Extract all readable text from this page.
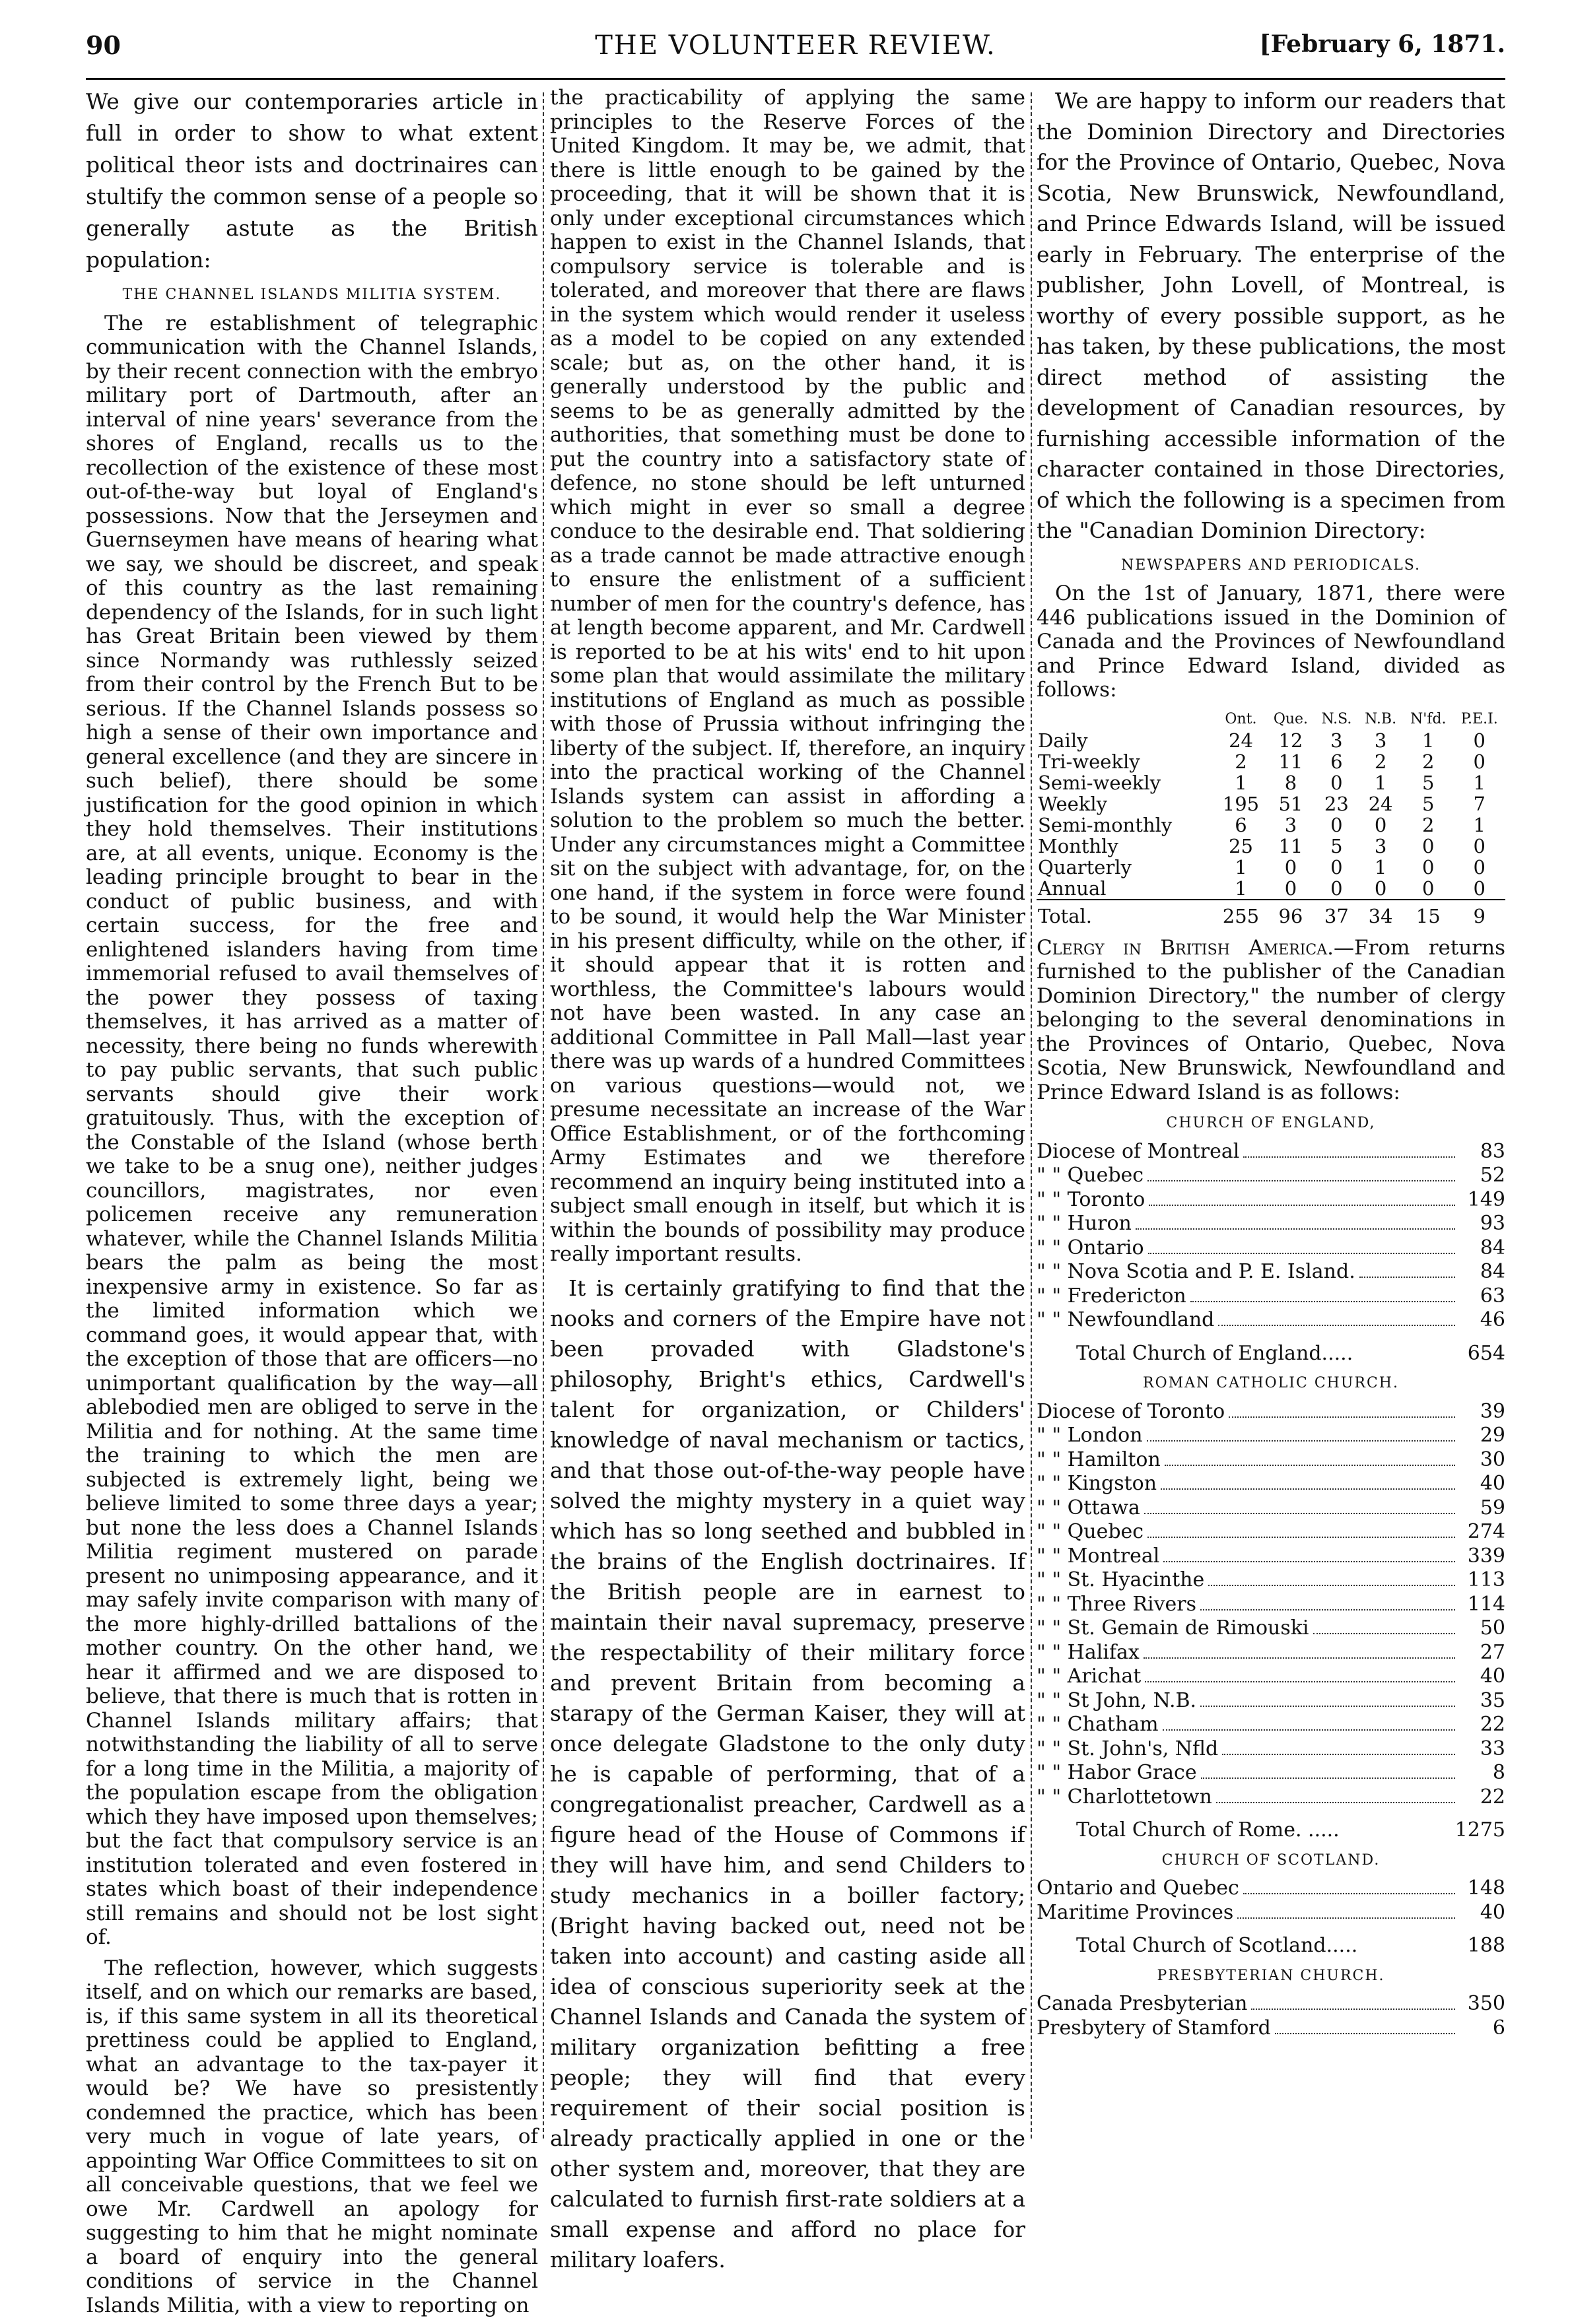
90	THE VOLUNTEER REVIEW.	[February 6, 1871.

We give our contemporaries article in full in order to show to what extent political theor ists and doctrinaires can stultify the common sense of a people so generally astute as the British population:

THE CHANNEL ISLANDS MILITIA SYSTEM.

The re establishment of telegraphic communication with the Channel Islands, by their recent connection with the embryo military port of Dartmouth, after an interval of nine years' severance from the shores of England, recalls us to the recollection of the existence of these most out-of-the-way but loyal of England's possessions. Now that the Jerseymen and Guernseymen have means of hearing what we say, we should be discreet, and speak of this country as the last remaining dependency of the Islands, for in such light has Great Britain been viewed by them since Normandy was ruthlessly seized from their control by the French But to be serious. If the Channel Islands possess so high a sense of their own importance and general excellence (and they are sincere in such belief), there should be some justification for the good opinion in which they hold themselves. Their institutions are, at all events, unique. Economy is the leading principle brought to bear in the conduct of public business, and with certain success, for the free and enlightened islanders having from time immemorial refused to avail themselves of the power they possess of taxing themselves, it has arrived as a matter of necessity, there being no funds wherewith to pay public servants, that such public servants should give their work gratuitously. Thus, with the exception of the Constable of the Island (whose berth we take to be a snug one), neither judges councillors, magistrates, nor even policemen receive any remuneration whatever, while the Channel Islands Militia bears the palm as being the most inexpensive army in existence. So far as the limited information which we command goes, it would appear that, with the exception of those that are officers—no unimportant qualification by the way—all ablebodied men are obliged to serve in the Militia and for nothing. At the same time the training to which the men are subjected is extremely light, being we believe limited to some three days a year; but none the less does a Channel Islands Militia regiment mustered on parade present no unimposing appearance, and it may safely invite comparison with many of the more highly-drilled battalions of the mother country. On the other hand, we hear it affirmed and we are disposed to believe, that there is much that is rotten in Channel Islands military affairs; that notwithstanding the liability of all to serve for a long time in the Militia, a majority of the population escape from the obligation which they have imposed upon themselves; but the fact that compulsory service is an institution tolerated and even fostered in states which boast of their independence still remains and should not be lost sight of.

The reflection, however, which suggests itself, and on which our remarks are based, is, if this same system in all its theoretical prettiness could be applied to England, what an advantage to the tax-payer it would be? We have so presistently condemned the practice, which has been very much in vogue of late years, of appointing War Office Committees to sit on all conceivable questions, that we feel we owe Mr. Cardwell an apology for suggesting to him that he might nominate a board of enquiry into the general conditions of service in the Channel Islands Militia, with a view to reporting on

the practicability of applying the same principles to the Reserve Forces of the United Kingdom. It may be, we admit, that there is little enough to be gained by the proceeding, that it will be shown that it is only under exceptional circumstances which happen to exist in the Channel Islands, that compulsory service is tolerable and is tolerated, and moreover that there are flaws in the system which would render it useless as a model to be copied on any extended scale; but as, on the other hand, it is generally understood by the public and seems to be as generally admitted by the authorities, that something must be done to put the country into a satisfactory state of defence, no stone should be left unturned which might in ever so small a degree conduce to the desirable end. That soldiering as a trade cannot be made attractive enough to ensure the enlistment of a sufficient number of men for the country's defence, has at length become apparent, and Mr. Cardwell is reported to be at his wits' end to hit upon some plan that would assimilate the military institutions of England as much as possible with those of Prussia without infringing the liberty of the subject. If, therefore, an inquiry into the practical working of the Channel Islands system can assist in affording a solution to the problem so much the better. Under any circumstances might a Committee sit on the subject with advantage, for, on the one hand, if the system in force were found to be sound, it would help the War Minister in his present difficulty, while on the other, if it should appear that it is rotten and worthless, the Committee's labours would not have been wasted. In any case an additional Committee in Pall Mall—last year there was up wards of a hundred Committees on various questions—would not, we presume necessitate an increase of the War Office Establishment, or of the forthcoming Army Estimates and we therefore recommend an inquiry being instituted into a subject small enough in itself, but which it is within the bounds of possibility may produce really important results.

It is certainly gratifying to find that the nooks and corners of the Empire have not been provaded with Gladstone's philosophy, Bright's ethics, Cardwell's talent for organization, or Childers' knowledge of naval mechanism or tactics, and that those out-of-the-way people have solved the mighty mystery in a quiet way which has so long seethed and bubbled in the brains of the English doctrinaires. If the British people are in earnest to maintain their naval supremacy, preserve the respectability of their military force and prevent Britain from becoming a starapy of the German Kaiser, they will at once delegate Gladstone to the only duty he is capable of performing, that of a congregationalist preacher, Cardwell as a figure head of the House of Commons if they will have him, and send Childers to study mechanics in a boiller factory; (Bright having backed out, need not be taken into account) and casting aside all idea of conscious superiority seek at the Channel Islands and Canada the system of military organization befitting a free people; they will find that every requirement of their social position is already practically applied in one or the other system and, moreover, that they are calculated to furnish first-rate soldiers at a small expense and afford no place for military loafers.

We are happy to inform our readers that the Dominion Directory and Directories for the Province of Ontario, Quebec, Nova Scotia, New Brunswick, Newfoundland, and Prince Edwards Island, will be issued early in February. The enterprise of the publisher, John Lovell, of Montreal, is worthy of every possible support, as he has taken, by these publications, the most direct method of assisting the development of Canadian resources, by furnishing accessible information of the character contained in those Directories, of which the following is a specimen from the "Canadian Dominion Directory:

NEWSPAPERS AND PERIODICALS.

On the 1st of January, 1871, there were 446 publications issued in the Dominion of Canada and the Provinces of Newfoundland and Prince Edward Island, divided as follows:

	Ont.	Que.	N.S.	N.B.	N'fd.	P.E.I.
Daily	24	12	3	3	1	0
Tri-weekly	2	11	6	2	2	0
Semi-weekly	1	8	0	1	5	1
Weekly	195	51	23	24	5	7
Semi-monthly	6	3	0	0	2	1
Monthly	25	11	5	3	0	0
Quarterly	1	0	0	1	0	0
Annual	1	0	0	0	0	0
Total.	255	96	37	34	15	9

Clergy in British America.—From returns furnished to the publisher of the Canadian Dominion Directory," the number of clergy belonging to the several denominations in the Provinces of Ontario, Quebec, Nova Scotia, New Brunswick, Newfoundland and Prince Edward Island is as follows:

CHURCH OF ENGLAND,
Diocese of Montreal	83
" " Quebec	52
" " Toronto	149
" " Huron	93
" " Ontario	84
" " Nova Scotia and P. E. Island.	84
" " Fredericton	63
" " Newfoundland	46
Total Church of England.....	654
ROMAN CATHOLIC CHURCH.
Diocese of Toronto	39
" " London	29
" " Hamilton	30
" " Kingston	40
" " Ottawa	59
" " Quebec	274
" " Montreal	339
" " St. Hyacinthe	113
" " Three Rivers	114
" " St. Gemain de Rimouski	50
" " Halifax	27
" " Arichat	40
" " St John, N.B.	35
" " Chatham	22
" " St. John's, Nfld	33
" " Habor Grace	8
" " Charlottetown	22
Total Church of Rome. .....	1275
CHURCH OF SCOTLAND.
Ontario and Quebec	148
Maritime Provinces	40
Total Church of Scotland.....	188
PRESBYTERIAN CHURCH.
Canada Presbyterian	350
Presbytery of Stamford	6
